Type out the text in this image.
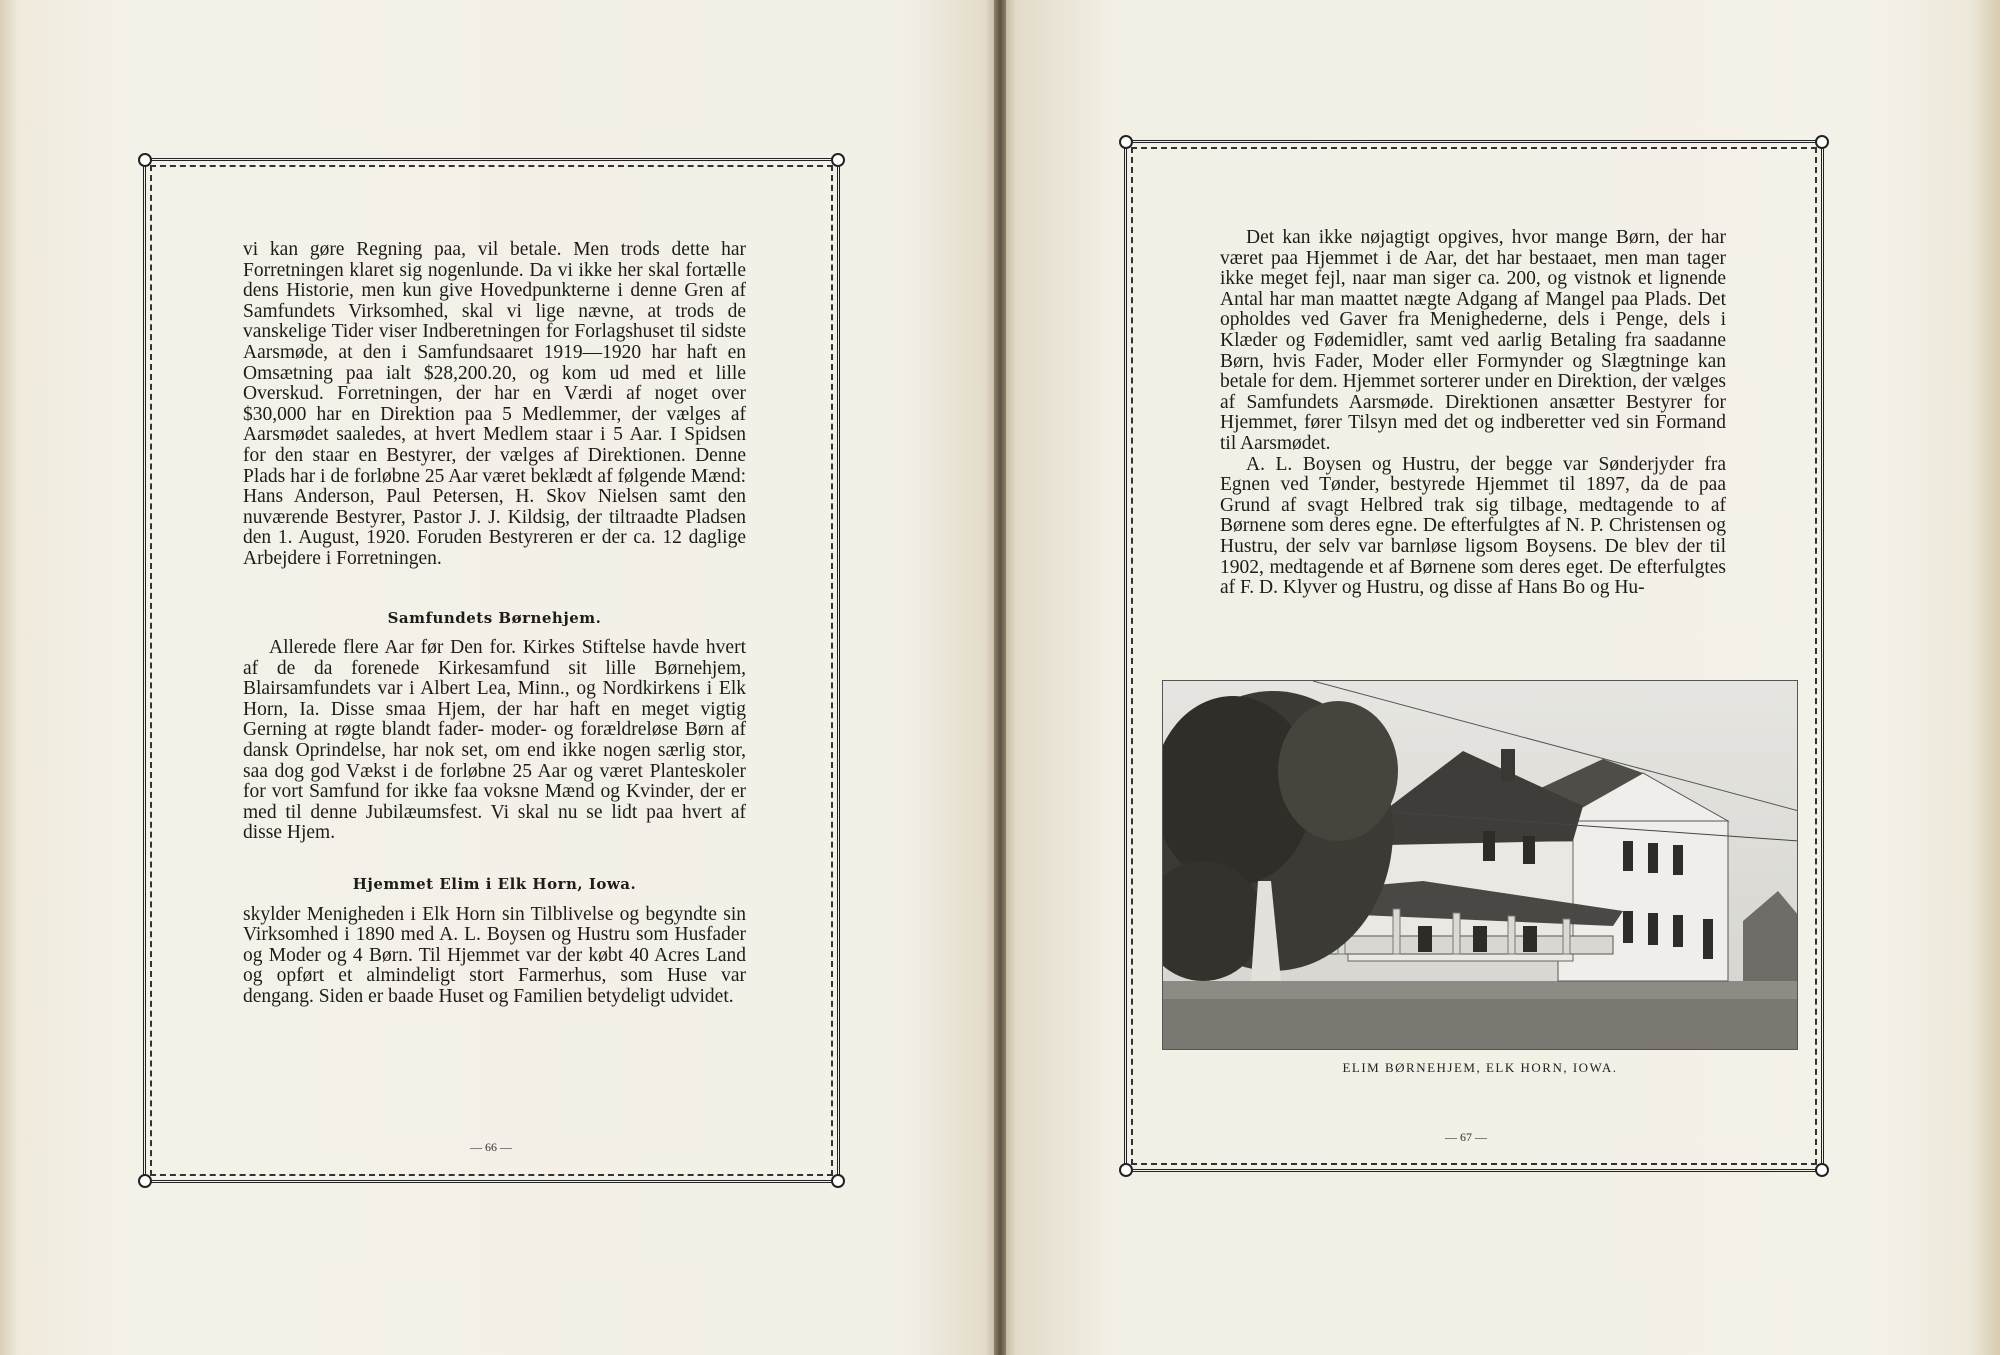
vi kan gøre Regning paa, vil betale. Men trods dette har Forretningen klaret sig nogenlunde. Da vi ikke her skal fortælle dens Historie, men kun give Hovedpunkterne i denne Gren af Samfundets Virksomhed, skal vi lige nævne, at trods de vanskelige Tider viser Indberetningen for Forlagshuset til sidste Aarsmøde, at den i Samfundsaaret 1919—1920 har haft en Omsætning paa ialt $28,200.20, og kom ud med et lille Overskud. Forretningen, der har en Værdi af noget over $30,000 har en Direktion paa 5 Medlemmer, der vælges af Aarsmødet saaledes, at hvert Medlem staar i 5 Aar. I Spidsen for den staar en Bestyrer, der vælges af Direktionen. Denne Plads har i de forløbne 25 Aar været beklædt af følgende Mænd: Hans Anderson, Paul Petersen, H. Skov Nielsen samt den nuværende Bestyrer, Pastor J. J. Kildsig, der tiltraadte Pladsen den 1. August, 1920. Foruden Bestyreren er der ca. 12 daglige Arbejdere i Forretningen.

Samfundets Børnehjem.

Allerede flere Aar før Den for. Kirkes Stiftelse havde hvert af de da forenede Kirkesamfund sit lille Børnehjem, Blairsamfundets var i Albert Lea, Minn., og Nordkirkens i Elk Horn, Ia. Disse smaa Hjem, der har haft en meget vigtig Gerning at røgte blandt fader- moder- og forældreløse Børn af dansk Oprindelse, har nok set, om end ikke nogen særlig stor, saa dog god Vækst i de forløbne 25 Aar og været Planteskoler for vort Samfund for ikke faa voksne Mænd og Kvinder, der er med til denne Jubilæumsfest. Vi skal nu se lidt paa hvert af disse Hjem.

Hjemmet Elim i Elk Horn, Iowa.

skylder Menigheden i Elk Horn sin Tilblivelse og begyndte sin Virksomhed i 1890 med A. L. Boysen og Hustru som Husfader og Moder og 4 Børn. Til Hjemmet var der købt 40 Acres Land og opført et almindeligt stort Farmerhus, som Huse var dengang. Siden er baade Huset og Familien betydeligt udvidet.

— 66 —

Det kan ikke nøjagtigt opgives, hvor mange Børn, der har været paa Hjemmet i de Aar, det har bestaaet, men man tager ikke meget fejl, naar man siger ca. 200, og vistnok et lignende Antal har man maattet nægte Adgang af Mangel paa Plads. Det opholdes ved Gaver fra Menighederne, dels i Penge, dels i Klæder og Fødemidler, samt ved aarlig Betaling fra saadanne Børn, hvis Fader, Moder eller Formynder og Slægtninge kan betale for dem. Hjemmet sorterer under en Direktion, der vælges af Samfundets Aarsmøde. Direktionen ansætter Bestyrer for Hjemmet, fører Tilsyn med det og indberetter ved sin Formand til Aarsmødet.

A. L. Boysen og Hustru, der begge var Sønderjyder fra Egnen ved Tønder, bestyrede Hjemmet til 1897, da de paa Grund af svagt Helbred trak sig tilbage, medtagende to af Børnene som deres egne. De efterfulgtes af N. P. Christensen og Hustru, der selv var barnløse ligsom Boysens. De blev der til 1902, medtagende et af Børnene som deres eget. De efterfulgtes af F. D. Klyver og Hustru, og disse af Hans Bo og Hu-

— 67 —
ELIM BØRNEHJEM, ELK HORN, IOWA.
